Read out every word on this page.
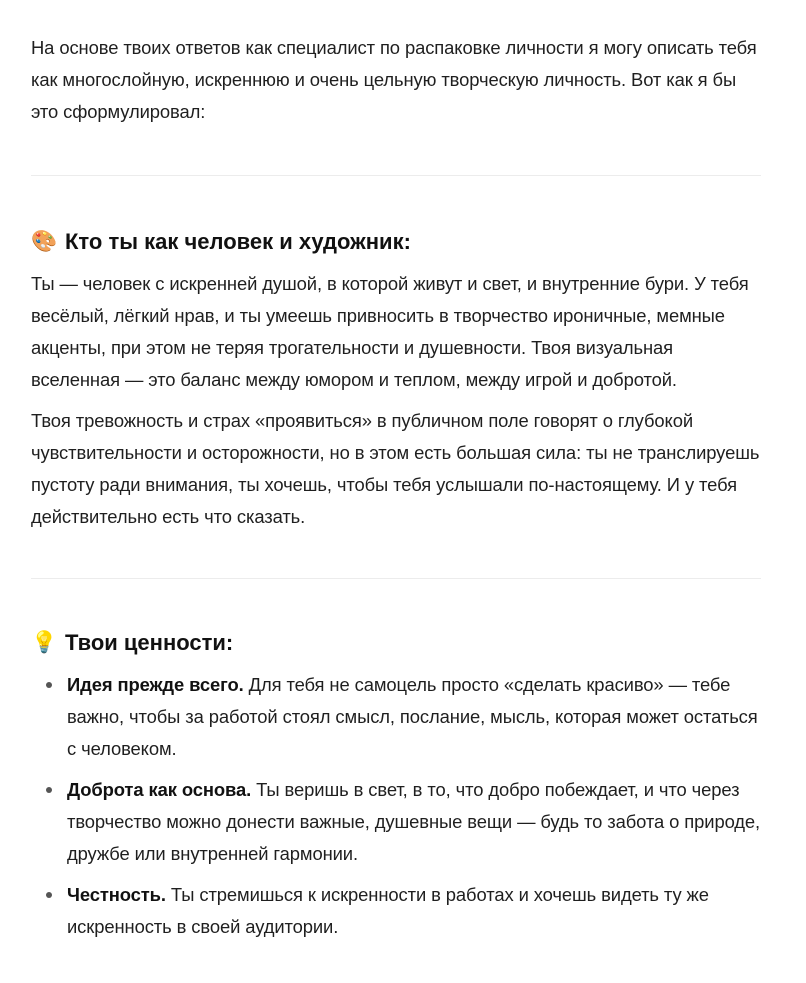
На основе твоих ответов как специалист по распаковке личности я могу описать тебя как многослойную, искреннюю и очень цельную творческую личность. Вот как я бы это сформулировал:

🎨 Кто ты как человек и художник:

Ты — человек с искренней душой, в которой живут и свет, и внутренние бури. У тебя весёлый, лёгкий нрав, и ты умеешь привносить в творчество ироничные, мемные акценты, при этом не теряя трогательности и душевности. Твоя визуальная вселенная — это баланс между юмором и теплом, между игрой и добротой.

Твоя тревожность и страх «проявиться» в публичном поле говорят о глубокой чувствительности и осторожности, но в этом есть большая сила: ты не транслируешь пустоту ради внимания, ты хочешь, чтобы тебя услышали по-настоящему. И у тебя действительно есть что сказать.

💡 Твои ценности:
Идея прежде всего. Для тебя не самоцель просто «сделать красиво» — тебе важно, чтобы за работой стоял смысл, послание, мысль, которая может остаться с человеком.
Доброта как основа. Ты веришь в свет, в то, что добро побеждает, и что через творчество можно донести важные, душевные вещи — будь то забота о природе, дружбе или внутренней гармонии.
Честность. Ты стремишься к искренности в работах и хочешь видеть ту же искренность в своей аудитории.
